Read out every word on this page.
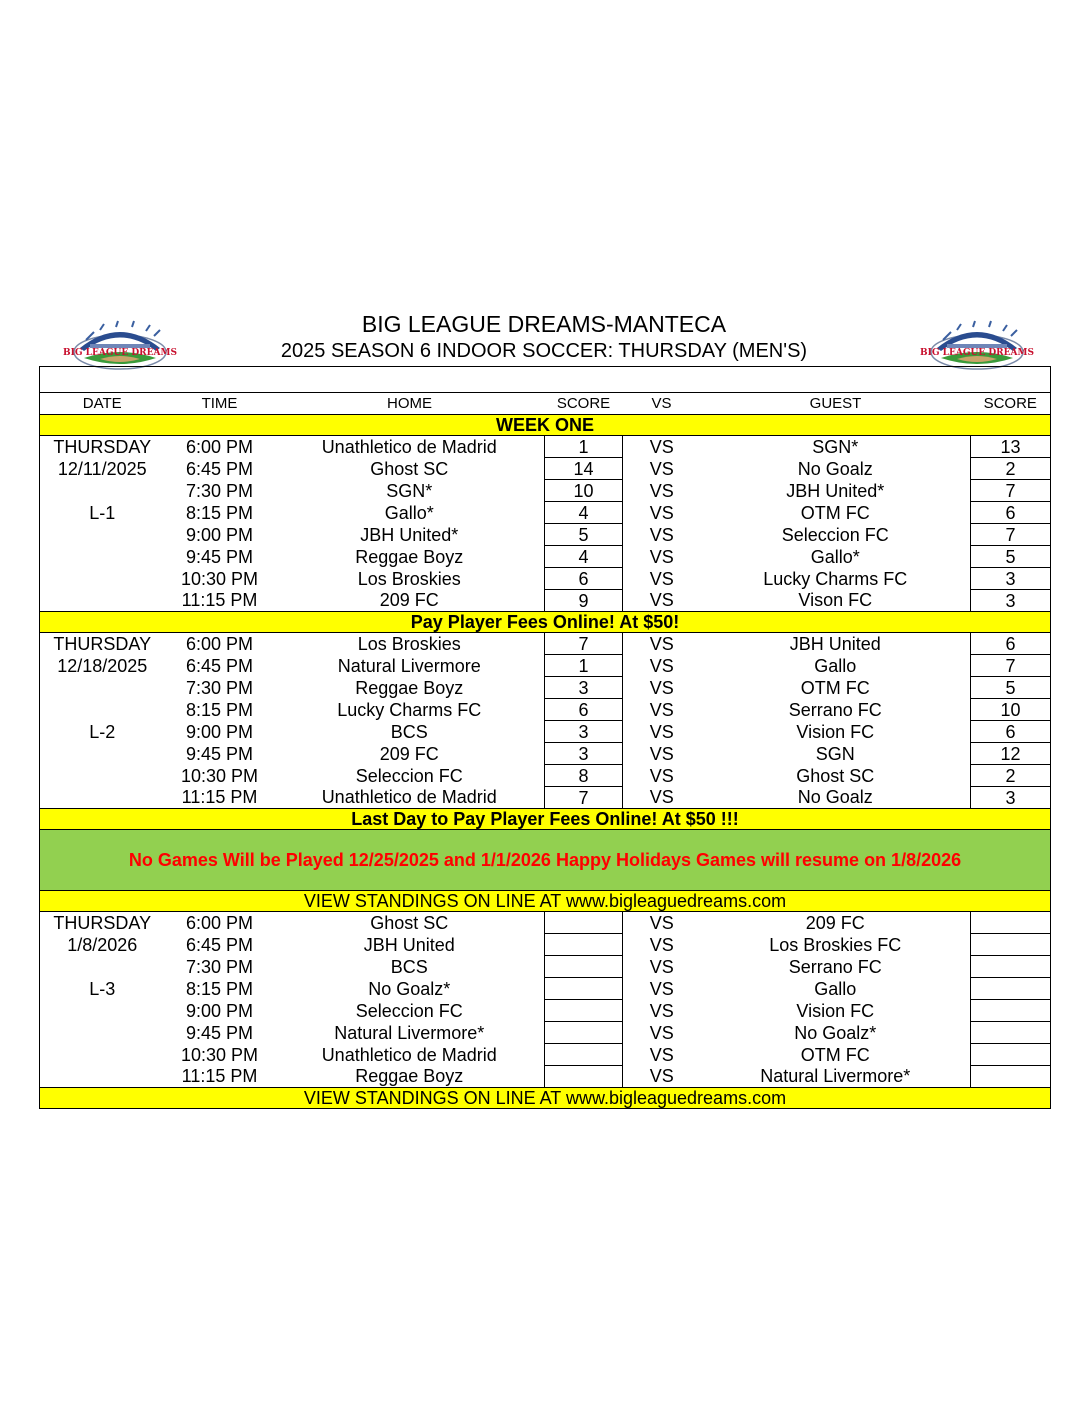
BIG LEAGUE DREAMS	BIG LEAGUE DREAMS
BIG LEAGUE DREAMS-MANTECA
2025 SEASON 6 INDOOR SOCCER: THURSDAY (MEN'S)

DATE	TIME	HOME	SCORE	VS	GUEST	SCORE
WEEK ONE						
THURSDAY	6:00 PM	Unathletico de Madrid	1	VS	SGN*	13
12/11/2025	6:45 PM	Ghost SC	14	VS	No Goalz	2
	7:30 PM	SGN*	10	VS	JBH United*	7
L-1	8:15 PM	Gallo*	4	VS	OTM FC	6
	9:00 PM	JBH United*	5	VS	Seleccion FC	7
	9:45 PM	Reggae Boyz	4	VS	Gallo*	5
	10:30 PM	Los Broskies	6	VS	Lucky Charms FC	3
	11:15 PM	209 FC	9	VS	Vison FC	3
Pay Player Fees Online! At $50!						
THURSDAY	6:00 PM	Los Broskies	7	VS	JBH United	6
12/18/2025	6:45 PM	Natural Livermore	1	VS	Gallo	7
	7:30 PM	Reggae Boyz	3	VS	OTM FC	5
	8:15 PM	Lucky Charms FC	6	VS	Serrano FC	10
L-2	9:00 PM	BCS	3	VS	Vision FC	6
	9:45 PM	209 FC	3	VS	SGN	12
	10:30 PM	Seleccion FC	8	VS	Ghost SC	2
	11:15 PM	Unathletico de Madrid	7	VS	No Goalz	3
Last Day to Pay Player Fees Online! At $50 !!!						
No Games Will be Played 12/25/2025 and 1/1/2026 Happy Holidays Games will resume on 1/8/2026						
VIEW STANDINGS ON LINE AT www.bigleaguedreams.com						
THURSDAY	6:00 PM	Ghost SC		VS	209 FC	
1/8/2026	6:45 PM	JBH United		VS	Los Broskies FC	
	7:30 PM	BCS		VS	Serrano FC	
L-3	8:15 PM	No Goalz*		VS	Gallo	
	9:00 PM	Seleccion FC		VS	Vision FC	
	9:45 PM	Natural Livermore*		VS	No Goalz*	
	10:30 PM	Unathletico de Madrid		VS	OTM FC	
	11:15 PM	Reggae Boyz		VS	Natural Livermore*	
VIEW STANDINGS ON LINE AT www.bigleaguedreams.com						
